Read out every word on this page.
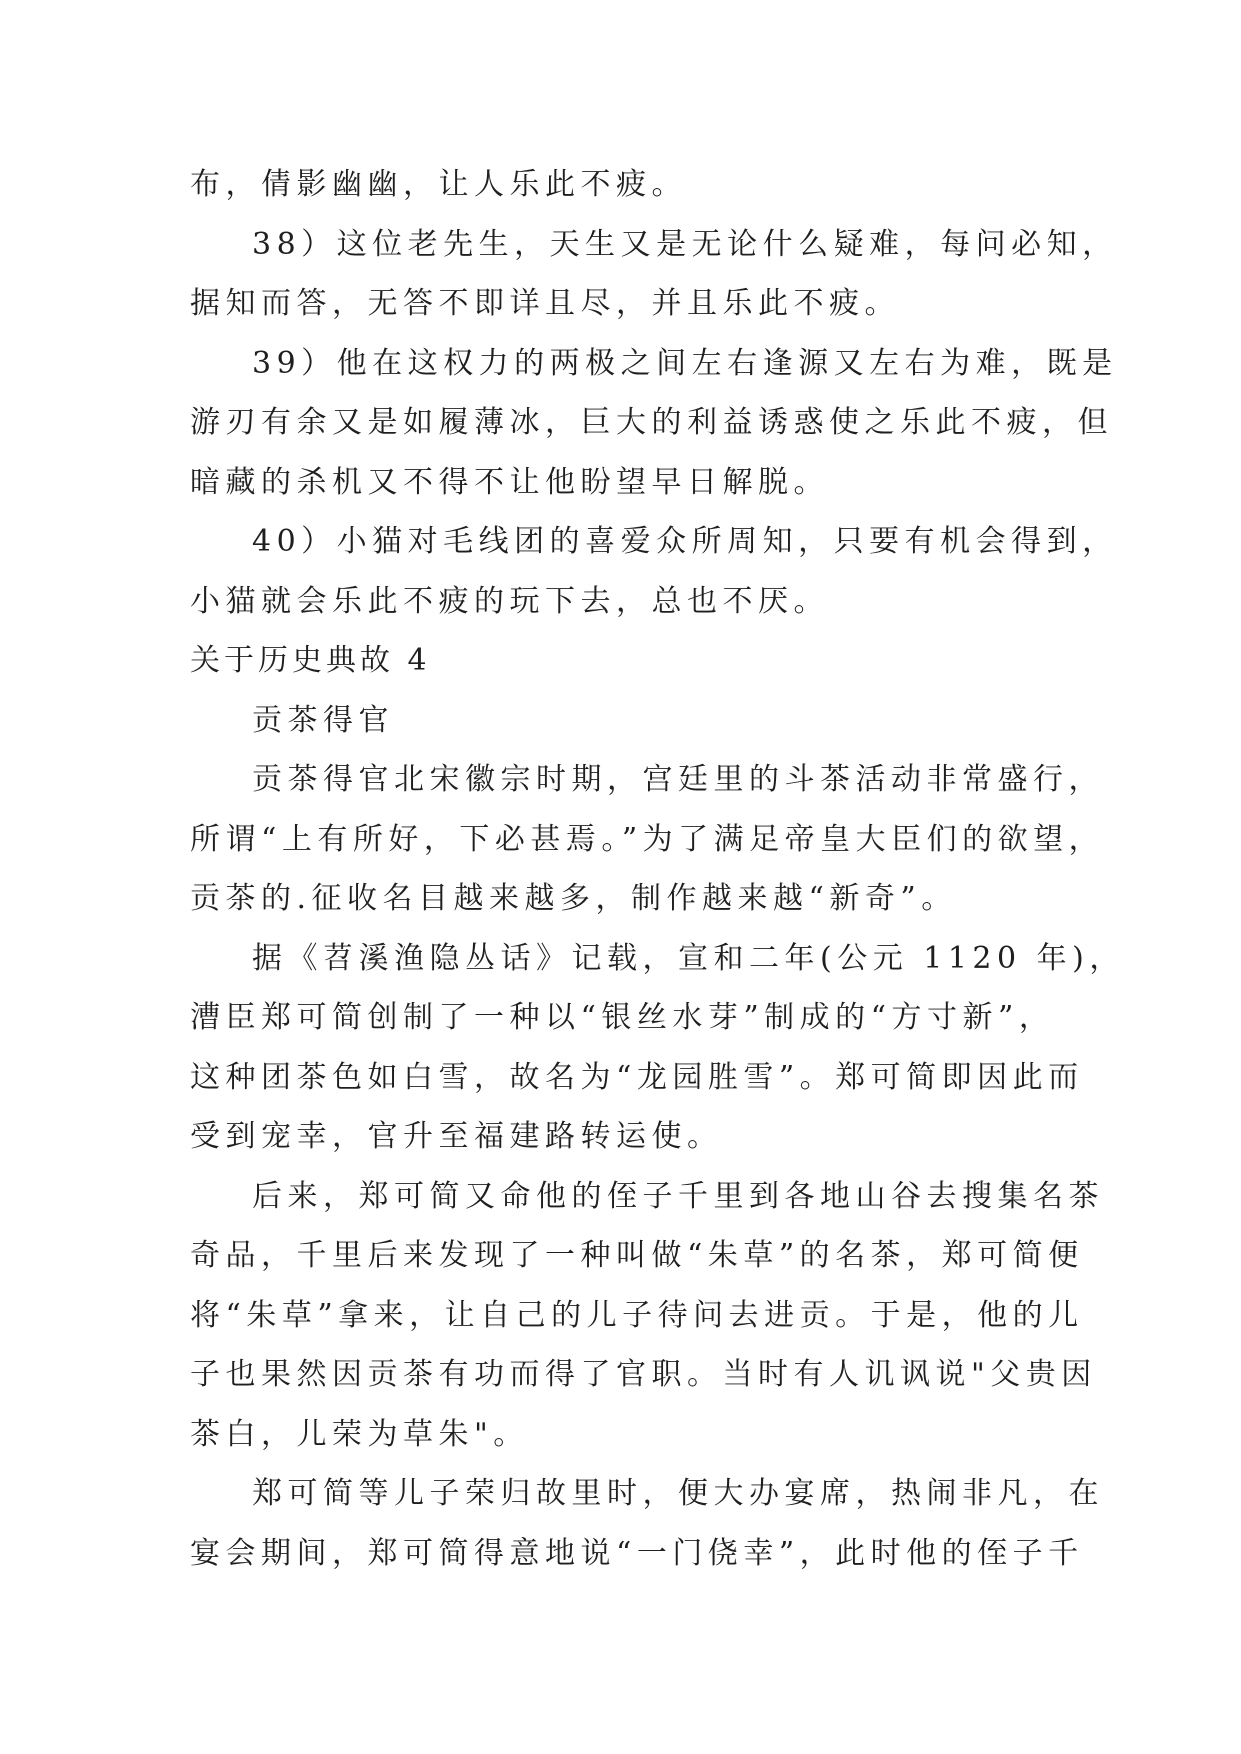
布，倩影幽幽，让人乐此不疲。
38）这位老先生，天生又是无论什么疑难，每问必知，
据知而答，无答不即详且尽，并且乐此不疲。
39）他在这权力的两极之间左右逢源又左右为难，既是
游刃有余又是如履薄冰，巨大的利益诱惑使之乐此不疲，但
暗藏的杀机又不得不让他盼望早日解脱。
40）小猫对毛线团的喜爱众所周知，只要有机会得到，
小猫就会乐此不疲的玩下去，总也不厌。
关于历史典故 4
贡茶得官
贡茶得官北宋徽宗时期，宫廷里的斗茶活动非常盛行，
所谓“上有所好，下必甚焉。”为了满足帝皇大臣们的欲望，
贡茶的.征收名目越来越多，制作越来越“新奇”。
据《苕溪渔隐丛话》记载，宣和二年(公元 1120 年)，
漕臣郑可简创制了一种以“银丝水芽”制成的“方寸新”，
这种团茶色如白雪，故名为“龙园胜雪”。郑可简即因此而
受到宠幸，官升至福建路转运使。
后来，郑可简又命他的侄子千里到各地山谷去搜集名茶
奇品，千里后来发现了一种叫做“朱草”的名茶，郑可简便
将“朱草”拿来，让自己的儿子待问去进贡。于是，他的儿
子也果然因贡茶有功而得了官职。当时有人讥讽说"父贵因
茶白，儿荣为草朱"。
郑可简等儿子荣归故里时，便大办宴席，热闹非凡，在
宴会期间，郑可简得意地说“一门侥幸”，此时他的侄子千
